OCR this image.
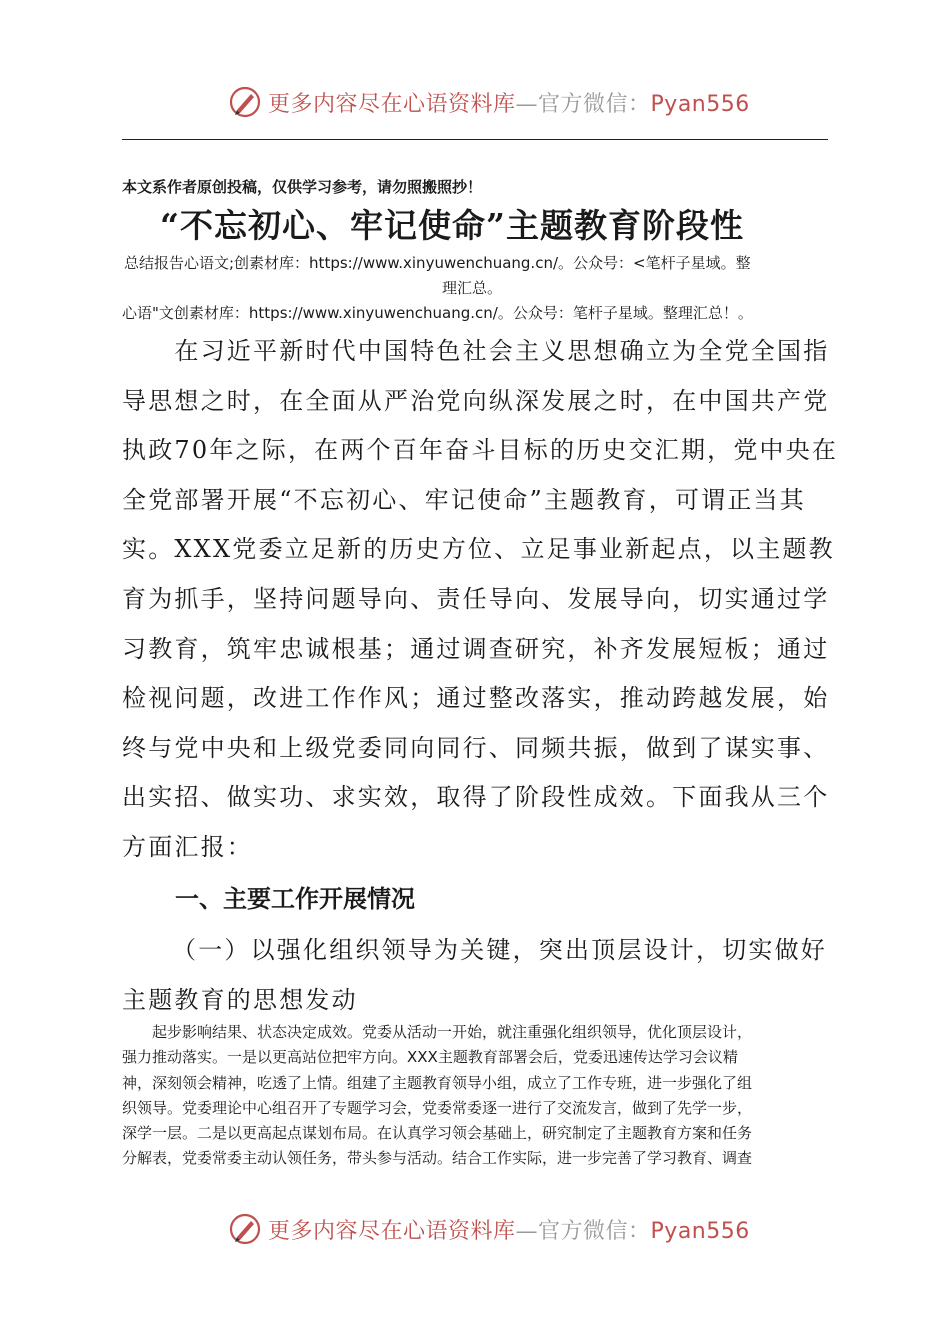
更多内容尽在心语资料库—官方微信：Pyan556
本文系作者原创投稿，仅供学习参考，请勿照搬照抄！
“不忘初心、牢记使命”主题教育阶段性
总结报告心语文;创素材库：https://www.xinyuwenchuang.cn/。公众号：<笔杆子星域。整
理汇总。
心语"文创素材库：https://www.xinyuwenchuang.cn/。公众号：笔杆子星域。整理汇总！。
　　在习近平新时代中国特色社会主义思想确立为全党全国指
导思想之时，在全面从严治党向纵深发展之时，在中国共产党
执政70年之际，在两个百年奋斗目标的历史交汇期，党中央在
全党部署开展“不忘初心、牢记使命”主题教育，可谓正当其
实。XXX党委立足新的历史方位、立足事业新起点，以主题教
育为抓手，坚持问题导向、责任导向、发展导向，切实通过学
习教育，筑牢忠诚根基；通过调查研究，补齐发展短板；通过
检视问题，改进工作作风；通过整改落实，推动跨越发展，始
终与党中央和上级党委同向同行、同频共振，做到了谋实事、
出实招、做实功、求实效，取得了阶段性成效。下面我从三个
方面汇报：
一、主要工作开展情况
（一）以强化组织领导为关键，突出顶层设计，切实做好
主题教育的思想发动
　　起步影响结果、状态决定成效。党委从活动一开始，就注重强化组织领导，优化顶层设计，
强力推动落实。一是以更高站位把牢方向。XXX主题教育部署会后，党委迅速传达学习会议精
神，深刻领会精神，吃透了上情。组建了主题教育领导小组，成立了工作专班，进一步强化了组
织领导。党委理论中心组召开了专题学习会，党委常委逐一进行了交流发言，做到了先学一步，
深学一层。二是以更高起点谋划布局。在认真学习领会基础上，研究制定了主题教育方案和任务
分解表，党委常委主动认领任务，带头参与活动。结合工作实际，进一步完善了学习教育、调查
更多内容尽在心语资料库—官方微信：Pyan556
